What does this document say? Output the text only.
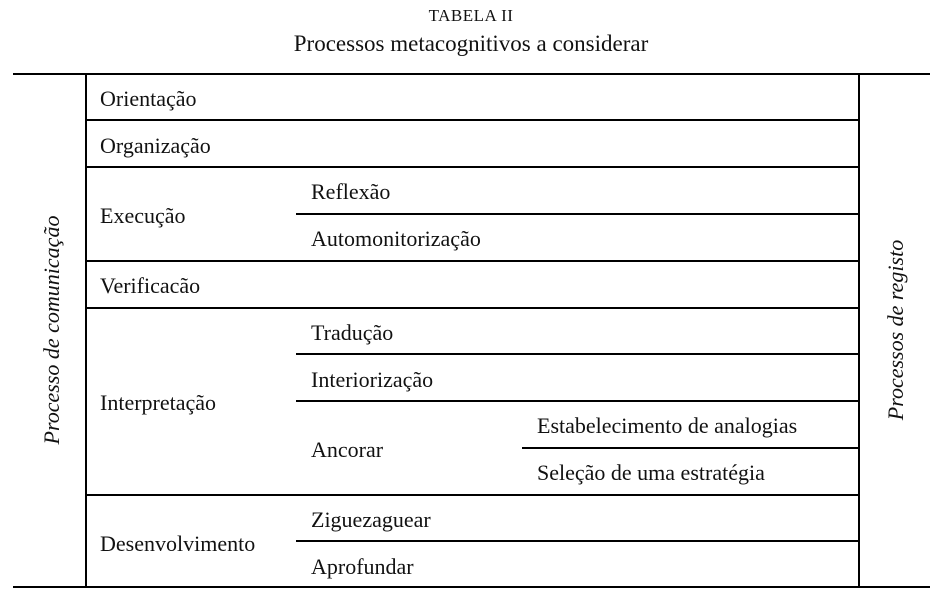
TABELA II
Processos metacognitivos a considerar
Processo de comunicação	Processos de registo
Orientação
Organização
Execução
Verificacão
Interpretação
Desenvolvimento
Reflexão
Automonitorização
Tradução
Interiorização
Ancorar
Ziguezaguear
Aprofundar
Estabelecimento de analogias
Seleção de uma estratégia
